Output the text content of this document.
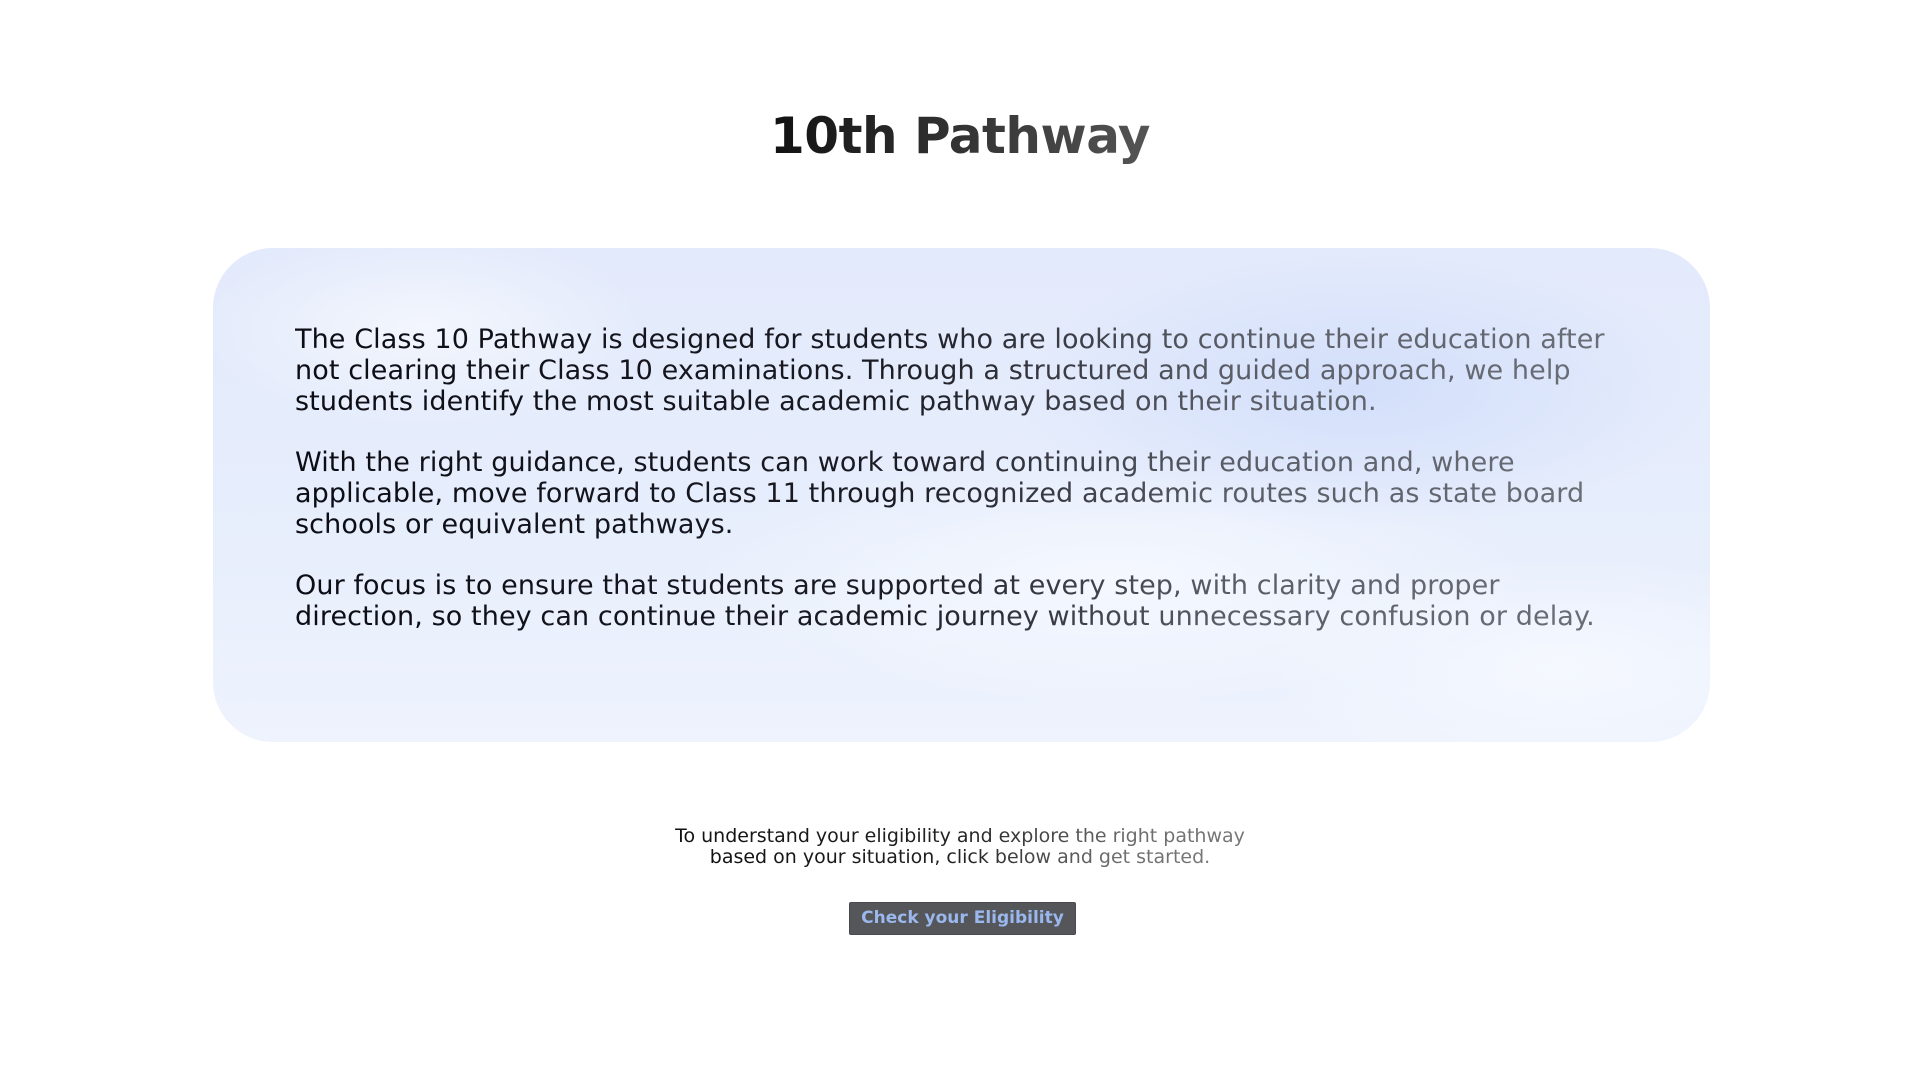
10th Pathway

The Class 10 Pathway is designed for students who are looking to continue their education after not clearing their Class 10 examinations. Through a structured and guided approach, we help students identify the most suitable academic pathway based on their situation.

With the right guidance, students can work toward continuing their education and, where applicable, move forward to Class 11 through recognized academic routes such as state board schools or equivalent pathways.

Our focus is to ensure that students are supported at every step, with clarity and proper direction, so they can continue their academic journey without unnecessary confusion or delay.

To understand your eligibility and explore the right pathway
based on your situation, click below and get started.

Check your Eligibility
